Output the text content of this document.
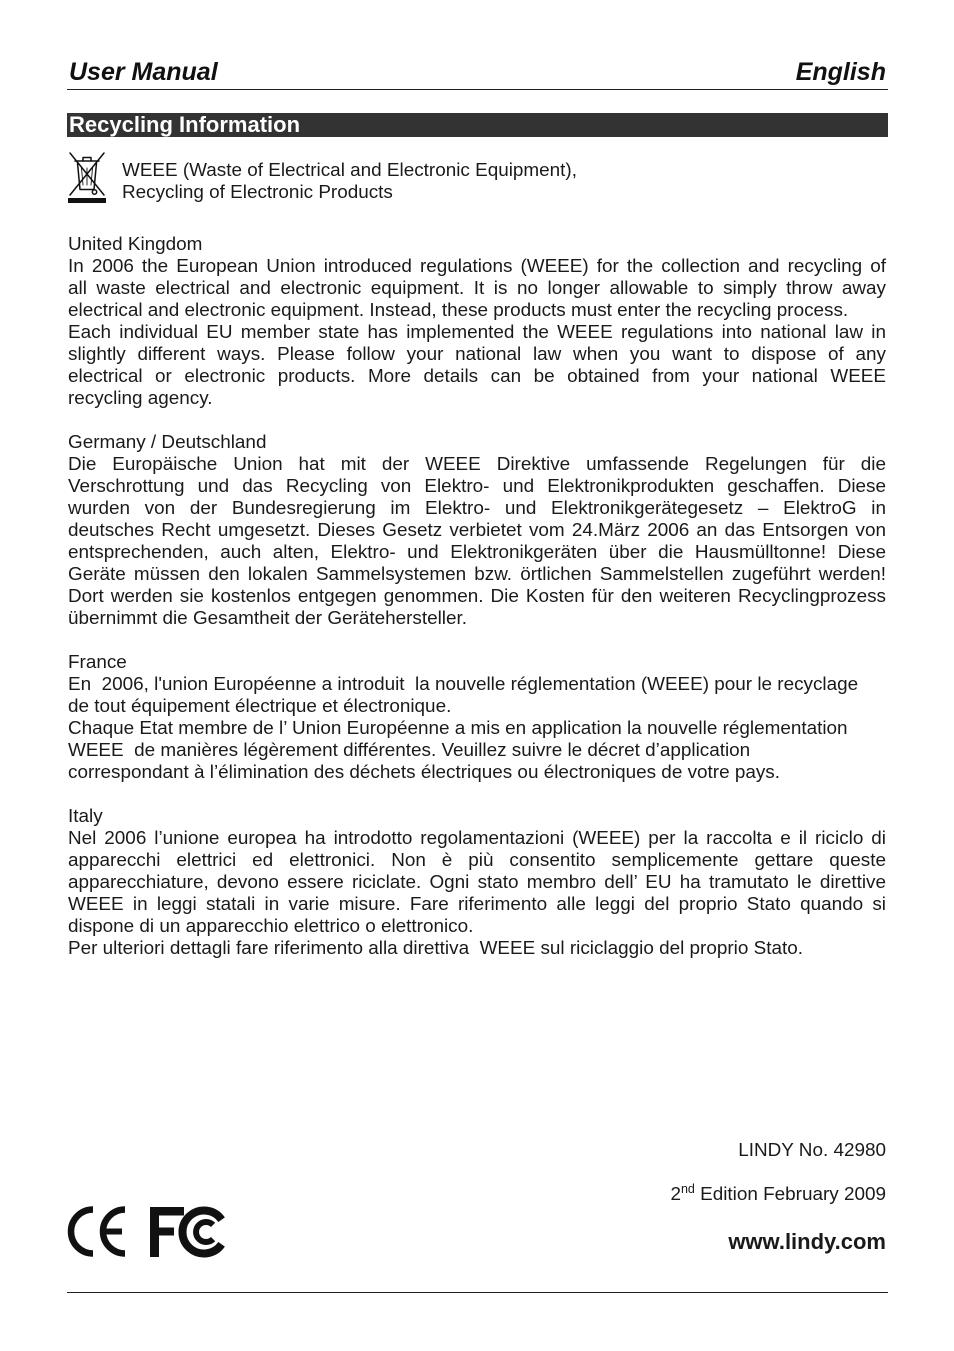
User Manual	English
Recycling Information
WEEE (Waste of Electrical and Electronic Equipment),
Recycling of Electronic Products
United Kingdom
In 2006 the European Union introduced regulations (WEEE) for the collection and recycling of
all waste electrical and electronic equipment. It is no longer allowable to simply throw away
electrical and electronic equipment. Instead, these products must enter the recycling process.
Each individual EU member state has implemented the WEEE regulations into national law in
slightly different ways. Please follow your national law when you want to dispose of any
electrical or electronic products. More details can be obtained from your national WEEE
recycling agency.
Germany / Deutschland
Die Europäische Union hat mit der WEEE Direktive umfassende Regelungen für die
Verschrottung und das Recycling von Elektro- und Elektronikprodukten geschaffen. Diese
wurden von der Bundesregierung im Elektro- und Elektronikgerätegesetz – ElektroG in
deutsches Recht umgesetzt. Dieses Gesetz verbietet vom 24.März 2006 an das Entsorgen von
entsprechenden, auch alten, Elektro- und Elektronikgeräten über die Hausmülltonne! Diese
Geräte müssen den lokalen Sammelsystemen bzw. örtlichen Sammelstellen zugeführt werden!
Dort werden sie kostenlos entgegen genommen. Die Kosten für den weiteren Recyclingprozess
übernimmt die Gesamtheit der Gerätehersteller.
France
En  2006, l'union Européenne a introduit  la nouvelle réglementation (WEEE) pour le recyclage
de tout équipement électrique et électronique.
Chaque Etat membre de l’ Union Européenne a mis en application la nouvelle réglementation
WEEE  de manières légèrement différentes. Veuillez suivre le décret d’application
correspondant à l’élimination des déchets électriques ou électroniques de votre pays.
Italy
Nel 2006 l’unione europea ha introdotto regolamentazioni (WEEE) per la raccolta e il riciclo di
apparecchi elettrici ed elettronici. Non è più consentito semplicemente gettare queste
apparecchiature, devono essere riciclate. Ogni stato membro dell’ EU ha tramutato le direttive
WEEE in leggi statali in varie misure. Fare riferimento alle leggi del proprio Stato quando si
dispone di un apparecchio elettrico o elettronico.
Per ulteriori dettagli fare riferimento alla direttiva  WEEE sul riciclaggio del proprio Stato.
LINDY No. 42980
2nd Edition February 2009
www.lindy.com
